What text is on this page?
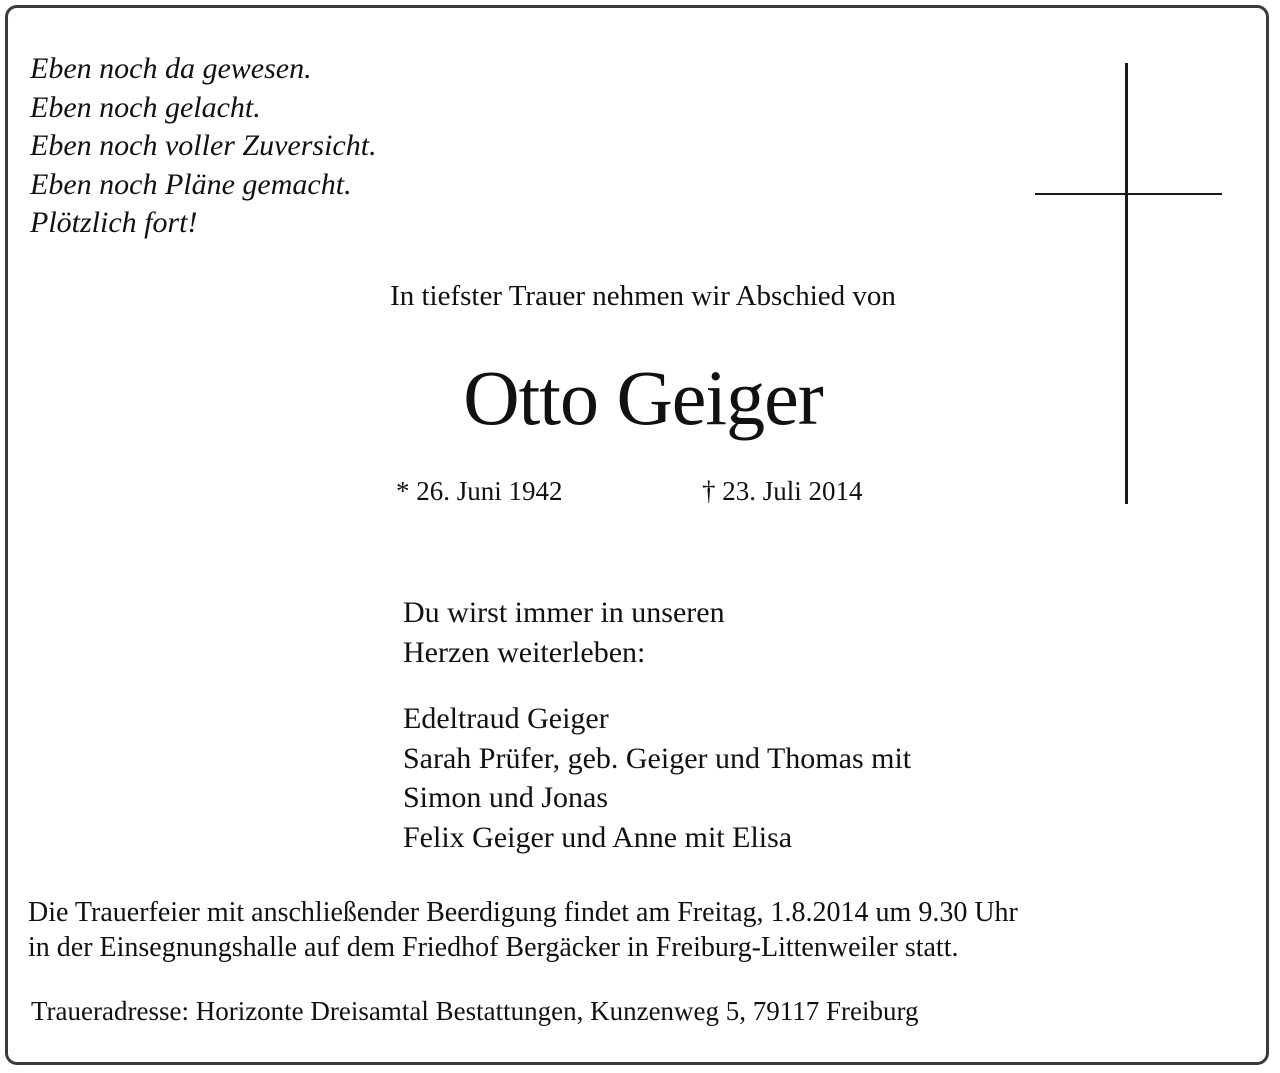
Eben noch da gewesen.
Eben noch gelacht.
Eben noch voller Zuversicht.
Eben noch Pläne gemacht.
Plötzlich fort!
In tiefster Trauer nehmen wir Abschied von
Otto Geiger
* 26. Juni 1942	† 23. Juli 2014
Du wirst immer in unseren
Herzen weiterleben:
Edeltraud Geiger
Sarah Prüfer, geb. Geiger und Thomas mit
Simon und Jonas
Felix Geiger und Anne mit Elisa
Die Trauerfeier mit anschließender Beerdigung findet am Freitag, 1.8.2014 um 9.30 Uhr
in der Einsegnungshalle auf dem Friedhof Bergäcker in Freiburg-Littenweiler statt.
Traueradresse: Horizonte Dreisamtal Bestattungen, Kunzenweg 5, 79117 Freiburg
